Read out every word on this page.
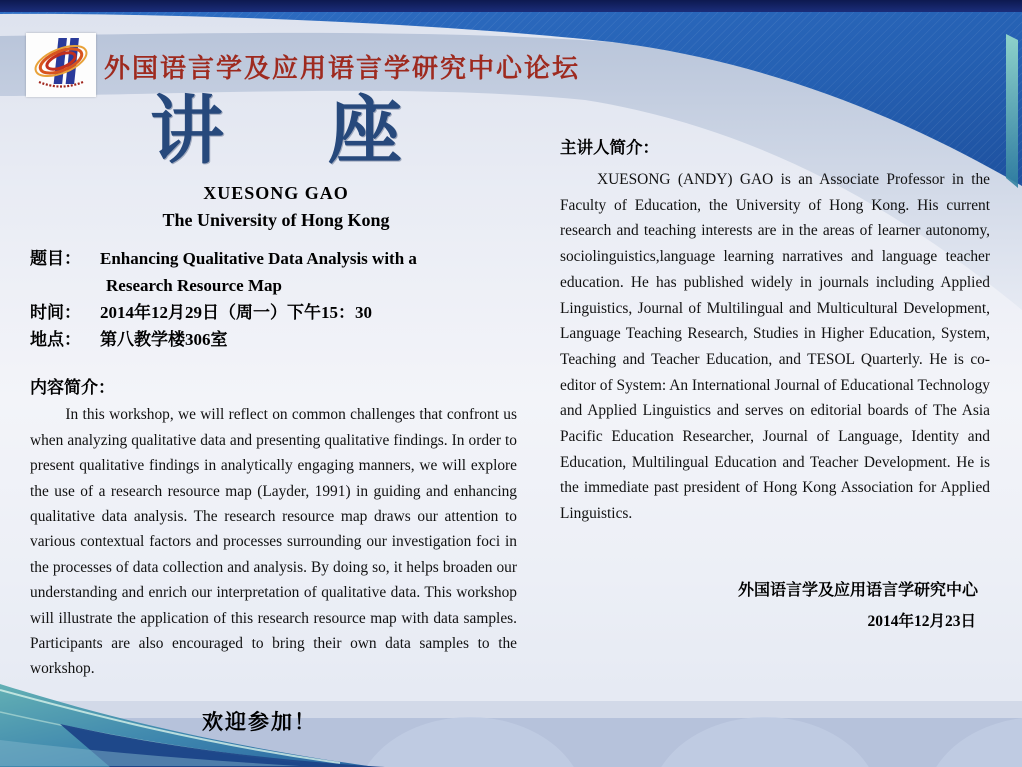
外国语言学及应用语言学研究中心论坛
讲 座
XUESONG GAO
The University of Hong Kong
题目：	Enhancing Qualitative Data Analysis with a
Research Resource Map
时间：	2014年12月29日（周一）下午15：30
地点：	第八教学楼306室
内容简介：
In this workshop, we will reflect on common challenges that confront us when analyzing qualitative data and presenting qualitative findings. In order to present qualitative findings in analytically engaging manners, we will explore the use of a research resource map (Layder, 1991) in guiding and enhancing qualitative data analysis. The research resource map draws our attention to various contextual factors and processes surrounding our investigation foci in the processes of data collection and analysis. By doing so, it helps broaden our understanding and enrich our interpretation of qualitative data. This workshop will illustrate the application of this research resource map with data samples. Participants are also encouraged to bring their own data samples to the workshop.
欢迎参加！
主讲人简介：
XUESONG (ANDY) GAO is an Associate Professor in the Faculty of Education, the University of Hong Kong. His current research and teaching interests are in the areas of learner autonomy, sociolinguistics,language learning narratives and language teacher education. He has published widely in journals including Applied Linguistics, Journal of Multilingual and Multicultural Development, Language Teaching Research, Studies in Higher Education, System, Teaching and Teacher Education, and TESOL Quarterly. He is co-editor of System: An International Journal of Educational Technology and Applied Linguistics and serves on editorial boards of The Asia Pacific Education Researcher, Journal of Language, Identity and Education, Multilingual Education and Teacher Development. He is the immediate past president of Hong Kong Association for Applied Linguistics.
外国语言学及应用语言学研究中心
2014年12月23日
